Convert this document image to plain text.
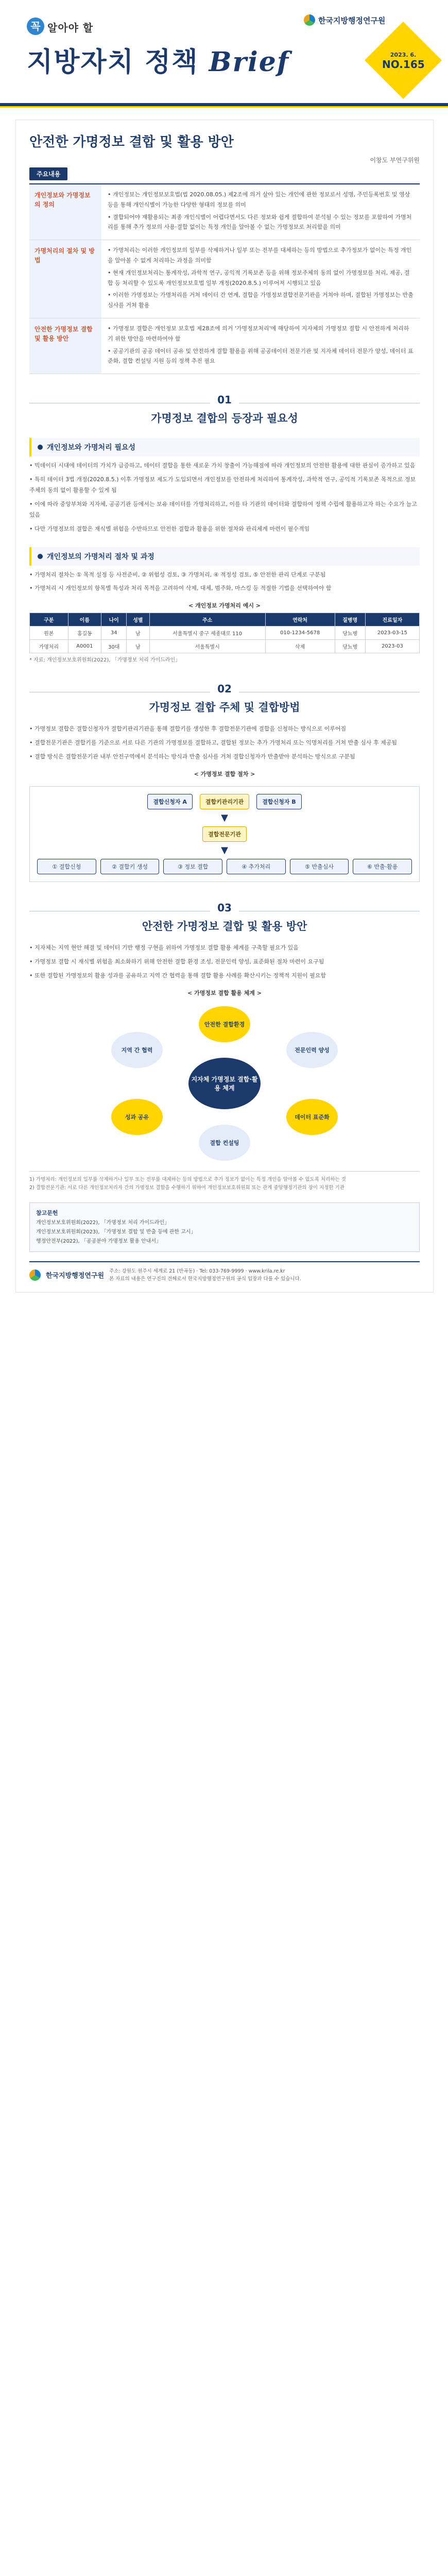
꼭 알아야 할
지방자치 정책 Brief
한국지방행정연구원
2023. 6.
NO.165
안전한 가명정보 결합 및 활용 방안
이창도 부연구위원
주요내용
개인정보와 가명정보의 정의

• 개인정보는 개인정보보호법(법 2020.08.05.) 제2조에 의거 살아 있는 개인에 관한 정보로서 성명, 주민등록번호 및 영상 등을 통해 개인식별이 가능한 다양한 형태의 정보를 의미

• 결합되어야 재활용되는 최종 개인식별이 어렵다면서도 다른 정보와 쉽게 결합하여 분석될 수 있는 정보를 포함하여 가명처리를 통해 추가 정보의 사용·결합 없이는 특정 개인을 알아볼 수 없는 가명정보로 처리함을 의미

가명처리의 절차 및 방법

• 가명처리는 이러한 개인정보의 일부를 삭제하거나 일부 또는 전부를 대체하는 등의 방법으로 추가정보가 없이는 특정 개인을 알아볼 수 없게 처리하는 과정을 의미함

• 현재 개인정보처리는 통계작성, 과학적 연구, 공익적 기록보존 등을 위해 정보주체의 동의 없이 가명정보를 처리, 제공, 결합 등 처리할 수 있도록 개인정보보호법 일부 개정(2020.8.5.) 이루어져 시행되고 있음

• 이러한 가명정보는 가명처리를 거쳐 데이터 간 연계, 결합을 가명정보결합전문기관을 거쳐야 하며, 결합된 가명정보는 반출 심사를 거쳐 활용

안전한 가명정보 결합 및 활용 방안

• 가명정보 결합은 개인정보 보호법 제28조에 의거 '가명정보처리'에 해당하여 지자체의 가명정보 결합 시 안전하게 처리하기 위한 방안을 마련하여야 함

• 공공기관의 공공 데이터 공유 및 안전하게 결합 활용을 위해 공공데이터 전문기관 및 지자체 데이터 전문가 양성, 데이터 표준화, 결합 컨설팅 지원 등의 정책 추진 필요

01
가명정보 결합의 등장과 필요성
개인정보와 가명처리 필요성

• 빅데이터 시대에 데이터의 가치가 급증하고, 데이터 결합을 통한 새로운 가치 창출이 가능해짐에 따라 개인정보의 안전한 활용에 대한 관심이 증가하고 있음

• 특히 데이터 3법 개정(2020.8.5.) 이후 가명정보 제도가 도입되면서 개인정보를 안전하게 처리하여 통계작성, 과학적 연구, 공익적 기록보존 목적으로 정보주체의 동의 없이 활용할 수 있게 됨

• 이에 따라 중앙부처와 지자체, 공공기관 등에서는 보유 데이터를 가명처리하고, 이를 타 기관의 데이터와 결합하여 정책 수립에 활용하고자 하는 수요가 늘고 있음

• 다만 가명정보의 결합은 재식별 위험을 수반하므로 안전한 결합과 활용을 위한 절차와 관리체계 마련이 필수적임

개인정보의 가명처리 절차 및 과정

• 가명처리 절차는 ① 목적 설정 등 사전준비, ② 위험성 검토, ③ 가명처리, ④ 적정성 검토, ⑤ 안전한 관리 단계로 구분됨

• 가명처리 시 개인정보의 항목별 특성과 처리 목적을 고려하여 삭제, 대체, 범주화, 마스킹 등 적절한 기법을 선택하여야 함

< 개인정보 가명처리 예시 >
구분	이름	나이	성별	주소	연락처	질병명	진료일자
원본	홍길동	34	남	서울특별시 중구 세종대로 110	010-1234-5678	당뇨병	2023-03-15
가명처리	A0001	30대	남	서울특별시	삭제	당뇨병	2023-03
* 자료: 개인정보보호위원회(2022), 「가명정보 처리 가이드라인」
02
가명정보 결합 주체 및 결합방법

• 가명정보 결합은 결합신청자가 결합키관리기관을 통해 결합키를 생성한 후 결합전문기관에 결합을 신청하는 방식으로 이루어짐

• 결합전문기관은 결합키를 기준으로 서로 다른 기관의 가명정보를 결합하고, 결합된 정보는 추가 가명처리 또는 익명처리를 거쳐 반출 심사 후 제공됨

• 결합 방식은 결합전문기관 내부 안전구역에서 분석하는 방식과 반출 심사를 거쳐 결합신청자가 반출받아 분석하는 방식으로 구분됨

< 가명정보 결합 절차 >
결합신청자 A	결합키관리기관	결합신청자 B
▼
결합전문기관
▼
① 결합신청	② 결합키 생성	③ 정보 결합	④ 추가처리	⑤ 반출심사	⑥ 반출·활용
03
안전한 가명정보 결합 및 활용 방안

• 지자체는 지역 현안 해결 및 데이터 기반 행정 구현을 위하여 가명정보 결합 활용 체계를 구축할 필요가 있음

• 가명정보 결합 시 재식별 위험을 최소화하기 위해 안전한 결합 환경 조성, 전문인력 양성, 표준화된 절차 마련이 요구됨

• 또한 결합된 가명정보의 활용 성과를 공유하고 지역 간 협력을 통해 결합 활용 사례를 확산시키는 정책적 지원이 필요함

< 가명정보 결합 활용 체계 >
지자체 가명정보 결합·활용 체계
안전한 결합환경
전문인력 양성
데이터 표준화
결합 컨설팅
성과 공유
지역 간 협력
1) 가명처리: 개인정보의 일부를 삭제하거나 일부 또는 전부를 대체하는 등의 방법으로 추가 정보가 없이는 특정 개인을 알아볼 수 없도록 처리하는 것
2) 결합전문기관: 서로 다른 개인정보처리자 간의 가명정보 결합을 수행하기 위하여 개인정보보호위원회 또는 관계 중앙행정기관의 장이 지정한 기관
참고문헌
개인정보보호위원회(2022), 「가명정보 처리 가이드라인」
개인정보보호위원회(2023), 「가명정보 결합 및 반출 등에 관한 고시」
행정안전부(2022), 「공공분야 가명정보 활용 안내서」
한국지방행정연구원
주소: 강원도 원주시 세계로 21 (반곡동) · Tel: 033-769-9999 · www.krila.re.kr
본 자료의 내용은 연구진의 견해로서 한국지방행정연구원의 공식 입장과 다를 수 있습니다.
